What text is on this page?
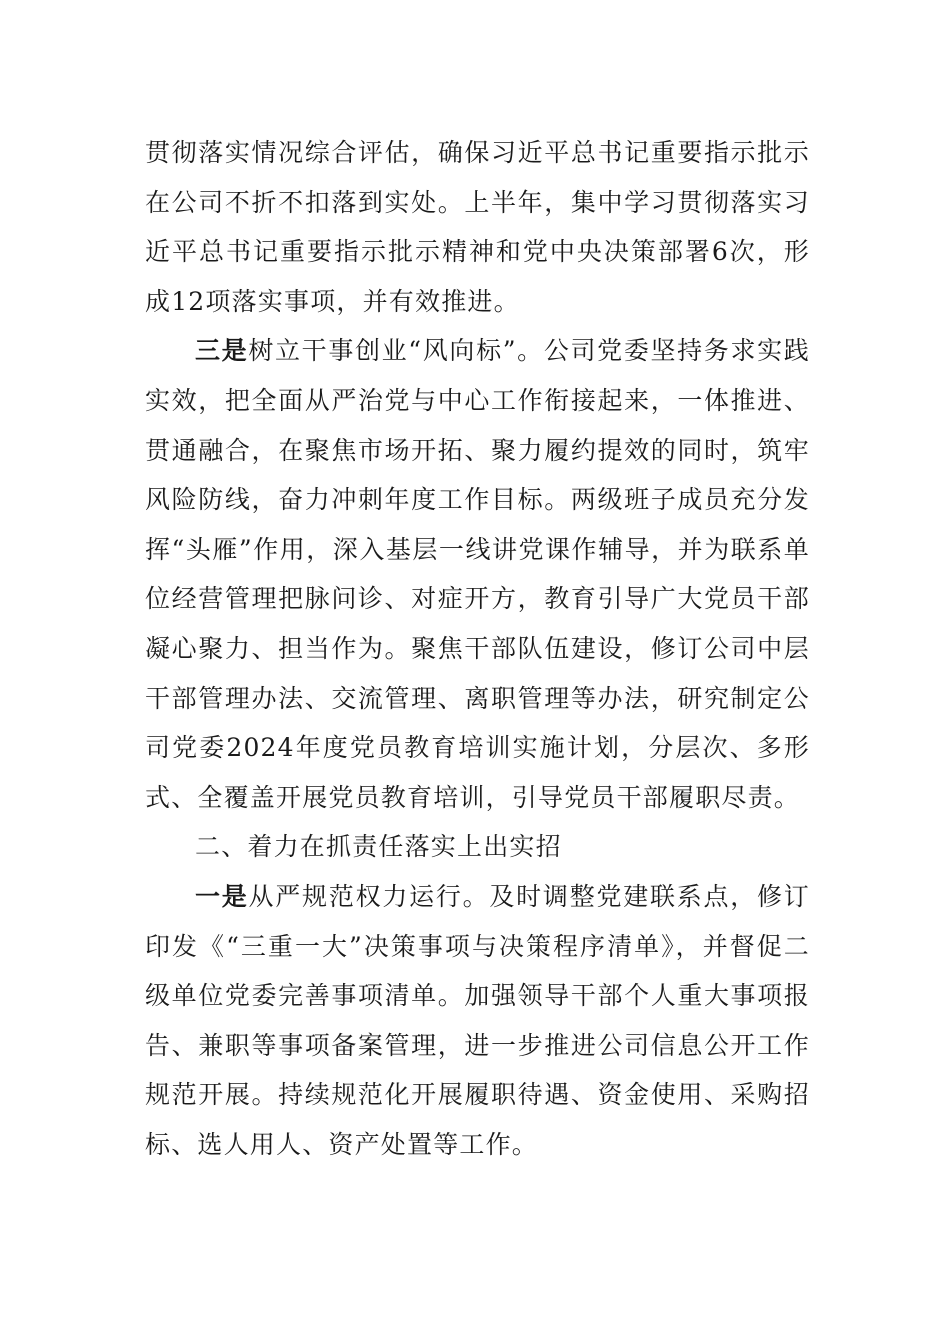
贯彻落实情况综合评估，确保习近平总书记重要指示批示在公司不折不扣落到实处。上半年，集中学习贯彻落实习近平总书记重要指示批示精神和党中央决策部署6次，形成12项落实事项，并有效推进。

三是树立干事创业“风向标”。公司党委坚持务求实践实效，把全面从严治党与中心工作衔接起来，一体推进、贯通融合，在聚焦市场开拓、聚力履约提效的同时，筑牢风险防线，奋力冲刺年度工作目标。两级班子成员充分发挥“头雁”作用，深入基层一线讲党课作辅导，并为联系单位经营管理把脉问诊、对症开方，教育引导广大党员干部凝心聚力、担当作为。聚焦干部队伍建设，修订公司中层干部管理办法、交流管理、离职管理等办法，研究制定公司党委2024年度党员教育培训实施计划，分层次、多形式、全覆盖开展党员教育培训，引导党员干部履职尽责。

二、着力在抓责任落实上出实招

一是从严规范权力运行。及时调整党建联系点，修订印发《“三重一大”决策事项与决策程序清单》，并督促二级单位党委完善事项清单。加强领导干部个人重大事项报告、兼职等事项备案管理，进一步推进公司信息公开工作规范开展。持续规范化开展履职待遇、资金使用、采购招标、选人用人、资产处置等工作。
